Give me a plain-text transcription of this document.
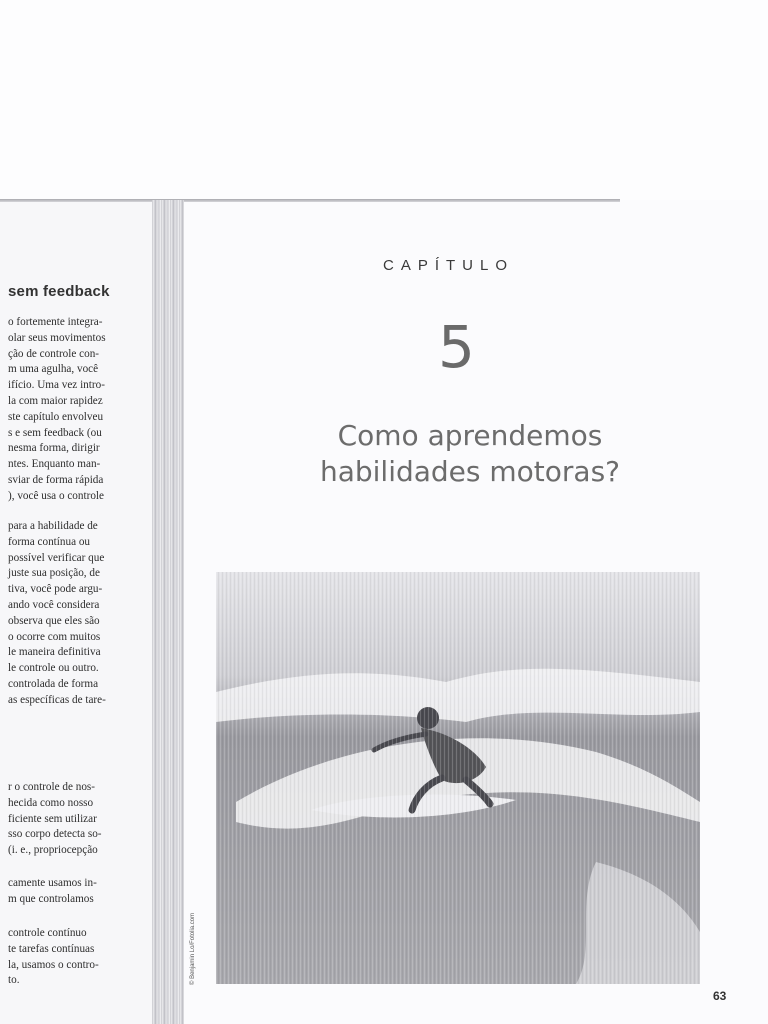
sem feedback
o fortemente integra-
olar seus movimentos
ção de controle con-
m uma agulha, você
ifício. Uma vez intro-
la com maior rapidez
ste capítulo envolveu
s e sem feedback (ou
nesma forma, dirigir
ntes. Enquanto man-
sviar de forma rápida
), você usa o controle
para a habilidade de
forma contínua ou
possível verificar que
juste sua posição, de
tiva, você pode argu-
ando você considera
observa que eles são
o ocorre com muitos
le maneira definitiva
le controle ou outro.
controlada de forma
as específicas de tare-
r o controle de nos-
hecida como nosso
ficiente sem utilizar
sso corpo detecta so-
(i. e., propriocepção
camente usamos in-
m que controlamos
controle contínuo
te tarefas contínuas
la, usamos o contro-
to.
CAPÍTULO
5
Como aprendemos
habilidades motoras?
© Benjamin Lo/Fotolia.com
63
